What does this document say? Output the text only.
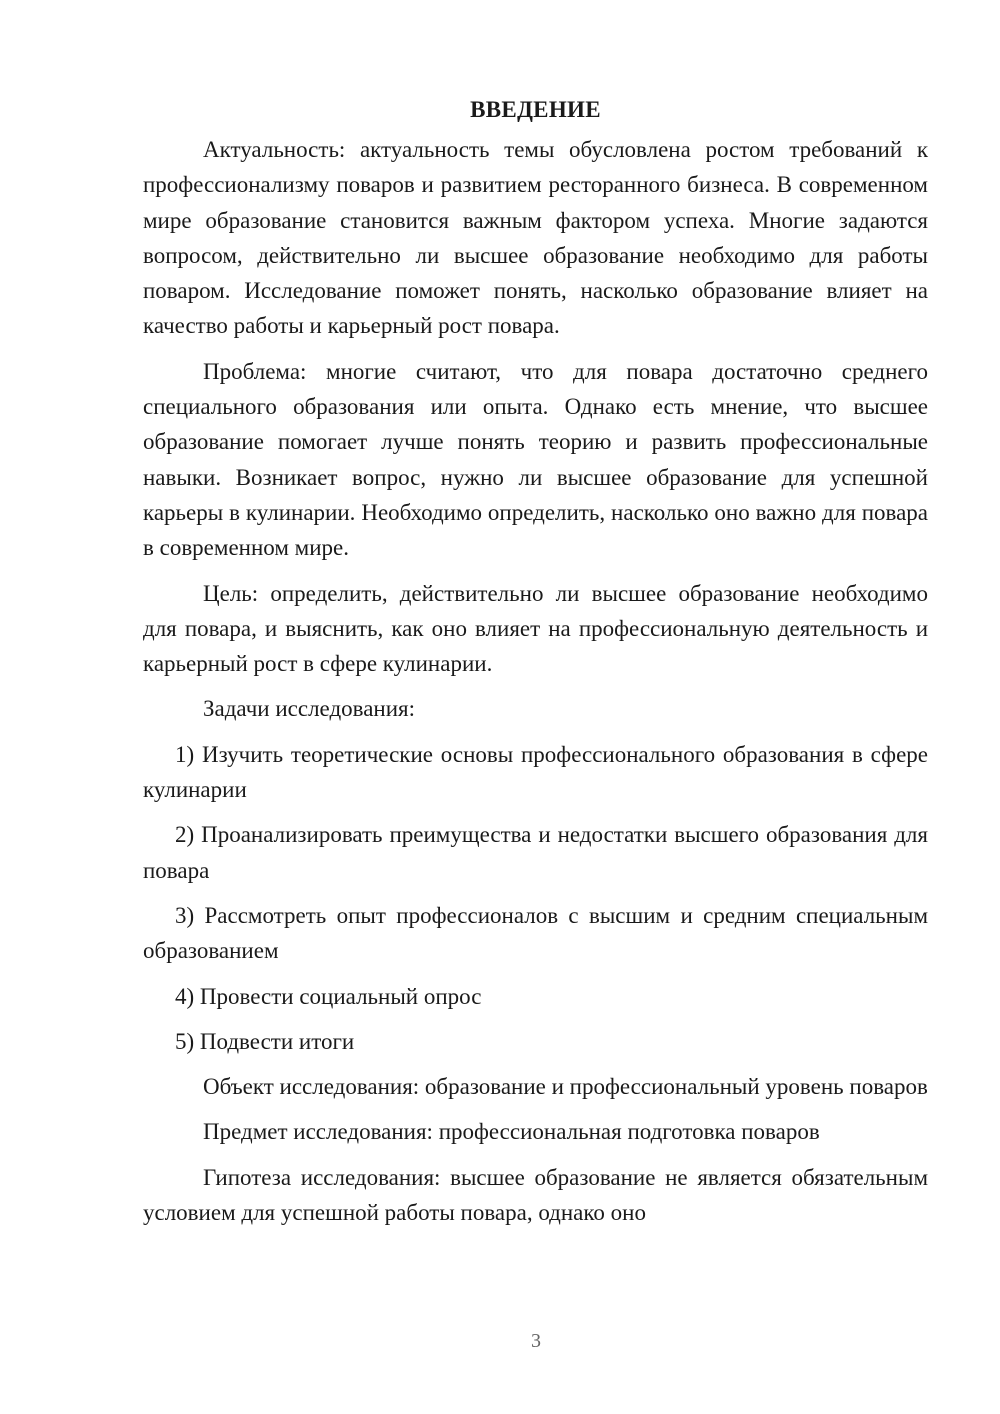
ВВЕДЕНИЕ
Актуальность: актуальность темы обусловлена ростом требований к профессионализму поваров и развитием ресторанного бизнеса. В современном мире образование становится важным фактором успеха. Многие задаются вопросом, действительно ли высшее образование необходимо для работы поваром. Исследование поможет понять, насколько образование влияет на качество работы и карьерный рост повара.
Проблема: многие считают, что для повара достаточно среднего специального образования или опыта. Однако есть мнение, что высшее образование помогает лучше понять теорию и развить профессиональные навыки. Возникает вопрос, нужно ли высшее образование для успешной карьеры в кулинарии. Необходимо определить, насколько оно важно для повара в современном мире.
Цель: определить, действительно ли высшее образование необходимо для повара, и выяснить, как оно влияет на профессиональную деятельность и карьерный рост в сфере кулинарии.
Задачи исследования:
1) Изучить теоретические основы профессионального образования в сфере кулинарии
2) Проанализировать преимущества и недостатки высшего образования для повара
3) Рассмотреть опыт профессионалов с высшим и средним специальным образованием
4) Провести социальный опрос
5) Подвести итоги
Объект исследования: образование и профессиональный уровень поваров
Предмет исследования: профессиональная подготовка поваров
Гипотеза исследования: высшее образование не является обязательным условием для успешной работы повара, однако оно
3
